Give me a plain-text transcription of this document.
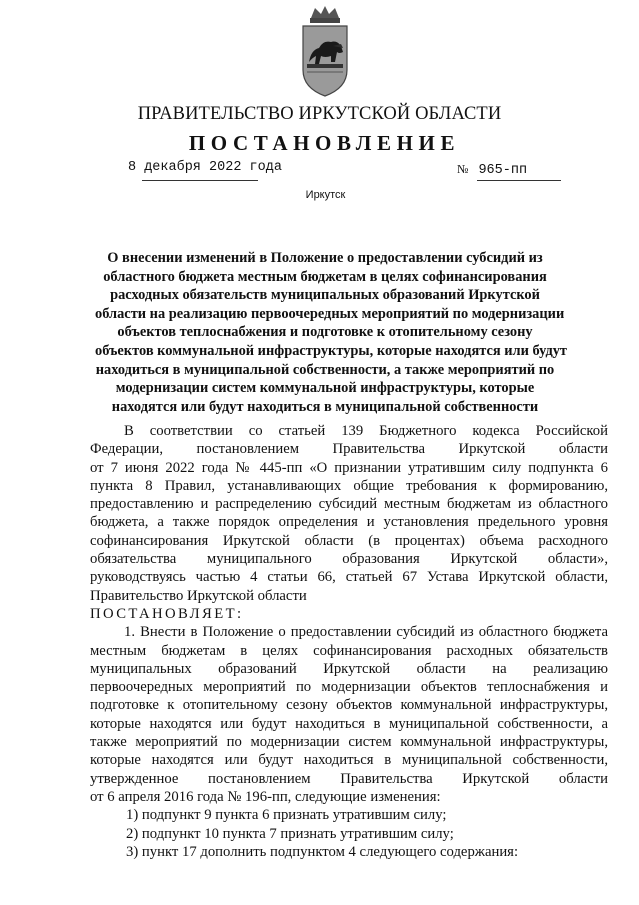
ПРАВИТЕЛЬСТВО ИРКУТСКОЙ ОБЛАСТИ
ПОСТАНОВЛЕНИЕ
8 декабря 2022 года	№ 965-пп
Иркутск
О внесении изменений в Положение о предоставлении субсидий из
областного бюджета местным бюджетам в целях софинансирования
расходных обязательств муниципальных образований Иркутской
области на реализацию первоочередных мероприятий по модернизации
объектов теплоснабжения и подготовке к отопительному сезону
объектов коммунальной инфраструктуры, которые находятся или будут
находиться в муниципальной собственности, а также мероприятий по
модернизации систем коммунальной инфраструктуры, которые
находятся или будут находиться в муниципальной собственности
В соответствии со статьей 139 Бюджетного кодекса Российской
Федерации, постановлением Правительства Иркутской области
от 7 июня 2022 года № 445-пп «О признании утратившим силу подпункта 6
пункта 8 Правил, устанавливающих общие требования к формированию,
предоставлению и распределению субсидий местным бюджетам из областного
бюджета, а также порядок определения и установления предельного уровня
софинансирования Иркутской области (в процентах) объема расходного
обязательства муниципального образования Иркутской области»,
руководствуясь частью 4 статьи 66, статьей 67 Устава Иркутской области,
Правительство Иркутской области
ПОСТАНОВЛЯЕТ:
1. Внести в Положение о предоставлении субсидий из областного бюджета
местным бюджетам в целях софинансирования расходных обязательств
муниципальных образований Иркутской области на реализацию
первоочередных мероприятий по модернизации объектов теплоснабжения и
подготовке к отопительному сезону объектов коммунальной инфраструктуры,
которые находятся или будут находиться в муниципальной собственности, а
также мероприятий по модернизации систем коммунальной инфраструктуры,
которые находятся или будут находиться в муниципальной собственности,
утвержденное постановлением Правительства Иркутской области
от 6 апреля 2016 года № 196-пп, следующие изменения:
1) подпункт 9 пункта 6 признать утратившим силу;
2) подпункт 10 пункта 7 признать утратившим силу;
3) пункт 17 дополнить подпунктом 4 следующего содержания:
